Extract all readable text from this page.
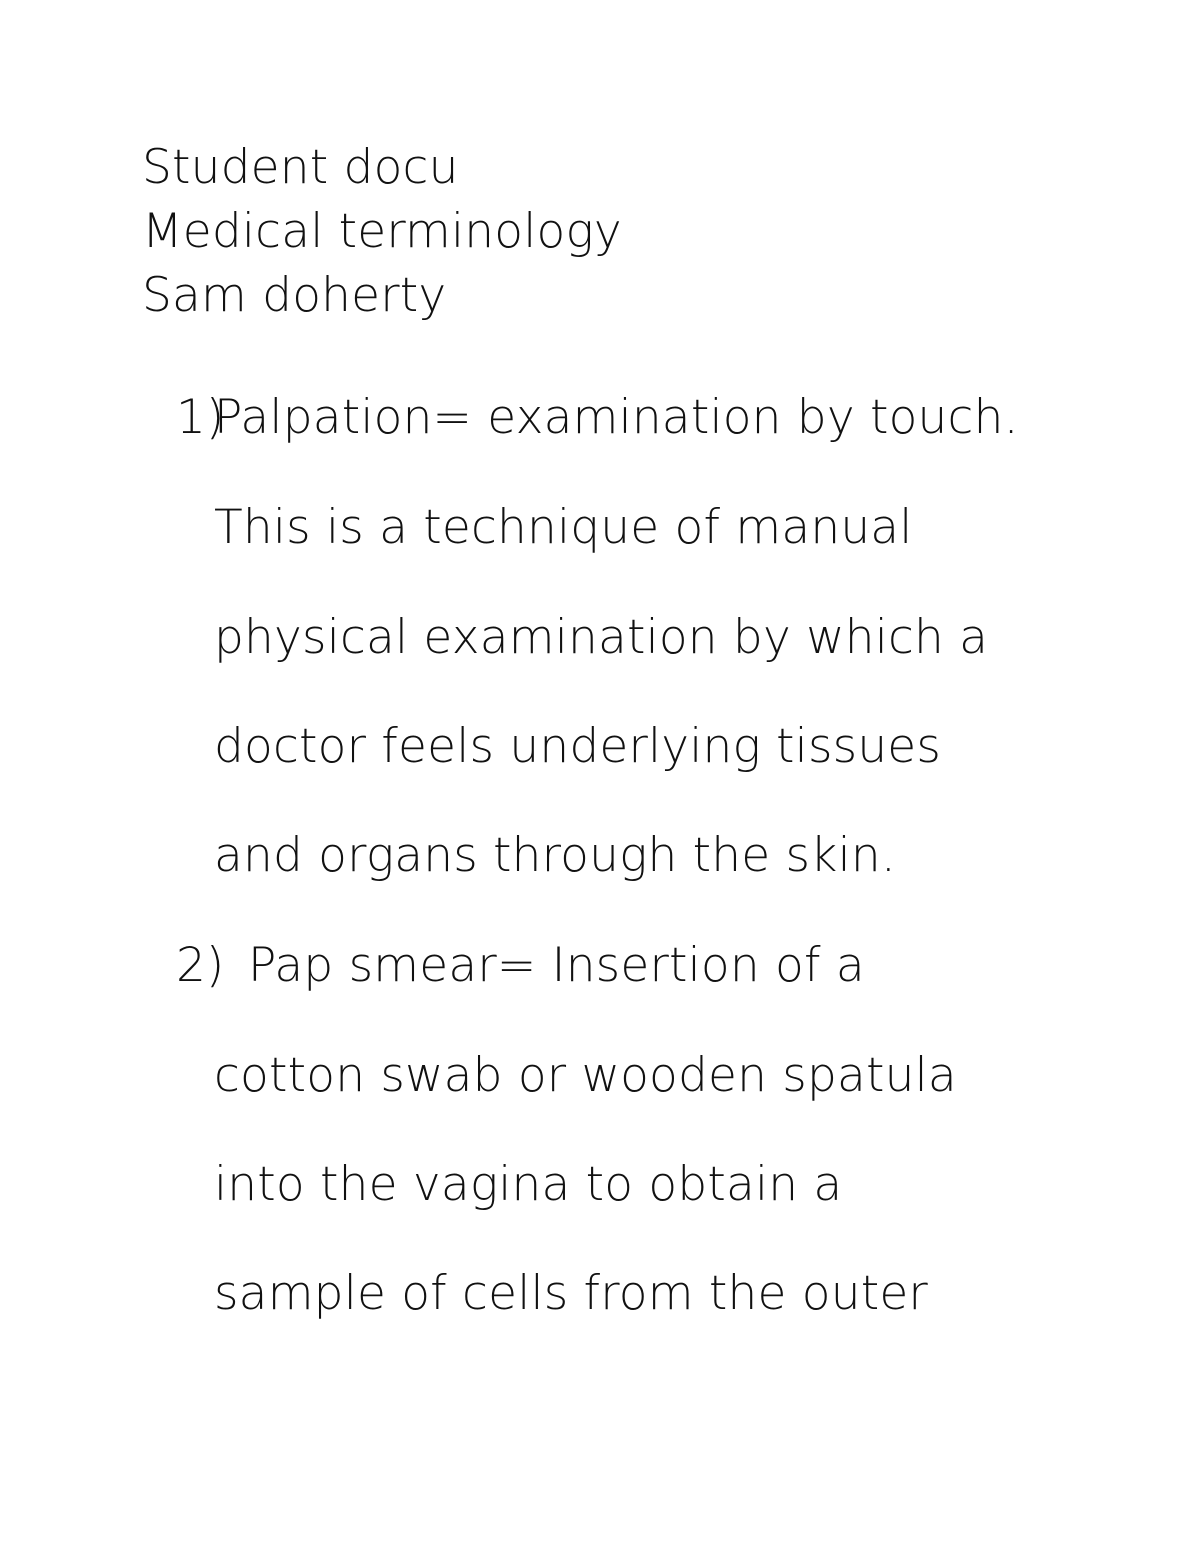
Student docu
Medical terminology
Sam doherty
1)
Palpation= examination by touch.
This is a technique of manual
physical examination by which a
doctor feels underlying tissues
and organs through the skin.
2) Pap smear= Insertion of a
cotton swab or wooden spatula
into the vagina to obtain a
sample of cells from the outer
